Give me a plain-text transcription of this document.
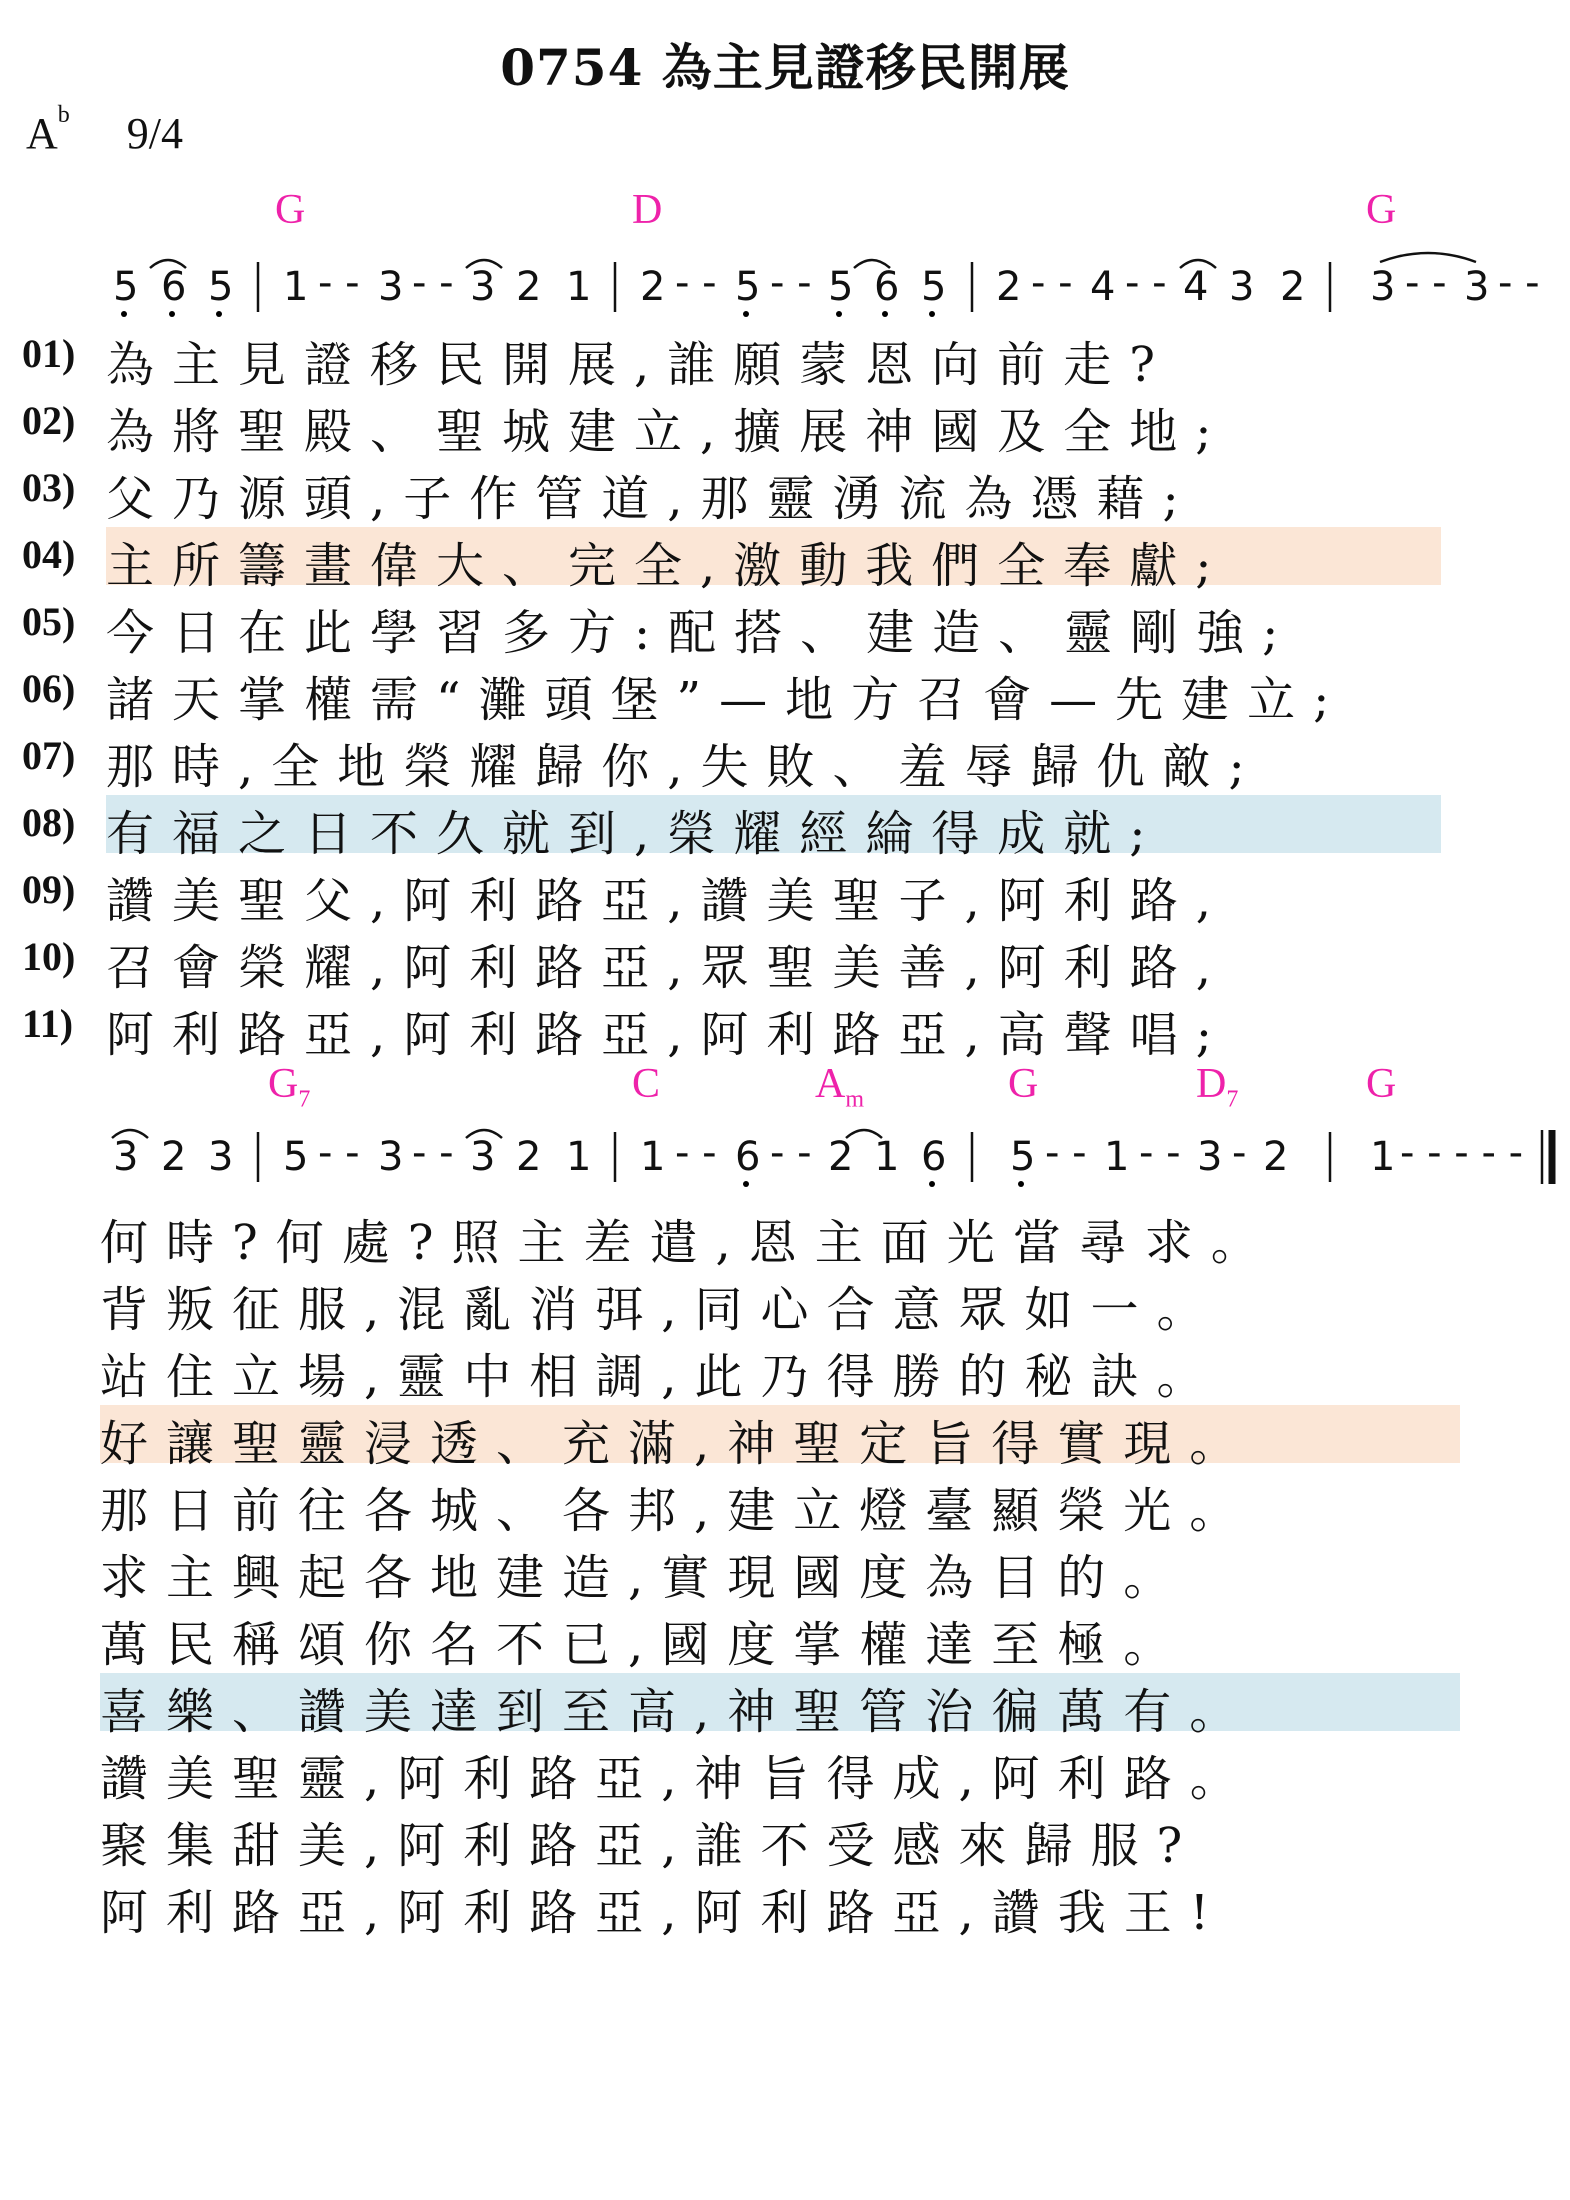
0754 為主見證移民開展
$A^b$ 9/4
G	D	G
5 6 5 1 - - 3 - - 3 2 1 2 - - 5 - - 5 6 5 2 - - 4 - - 4 3 2 3 - - 3 - -
01) 為主見證移民開展,誰願蒙恩向前走?
02) 為將聖殿、聖城建立,擴展神國及全地;
03) 父乃源頭,子作管道,那靈湧流為憑藉;
04) 主所籌畫偉大、完全,激動我們全奉獻;
05) 今日在此學習多方:配搭、建造、靈剛強;
06) 諸天掌權需“灘頭堡”—地方召會—先建立;
07) 那時,全地榮耀歸你,失敗、羞辱歸仇敵;
08) 有福之日不久就到,榮耀經綸得成就;
09) 讚美聖父,阿利路亞,讚美聖子,阿利路,
10) 召會榮耀,阿利路亞,眾聖美善,阿利路,
11) 阿利路亞,阿利路亞,阿利路亞,高聲唱;
$G_7$	C	$A_m$	G	$D_7$	G
3 2 3 5 - - 3 - - 3 2 1 1 - - 6 - - 2 1 6 5 - - 1 - - 3 - 2 1 - - - - -
何時?何處?照主差遣,恩主面光當尋求。
背叛征服,混亂消弭,同心合意眾如一。
站住立場,靈中相調,此乃得勝的秘訣。
好讓聖靈浸透、充滿,神聖定旨得實現。
那日前往各城、各邦,建立燈臺顯榮光。
求主興起各地建造,實現國度為目的。
萬民稱頌你名不已,國度掌權達至極。
喜樂、讚美達到至高,神聖管治徧萬有。
讚美聖靈,阿利路亞,神旨得成,阿利路。
聚集甜美,阿利路亞,誰不受感來歸服?
阿利路亞,阿利路亞,阿利路亞,讚我王!
